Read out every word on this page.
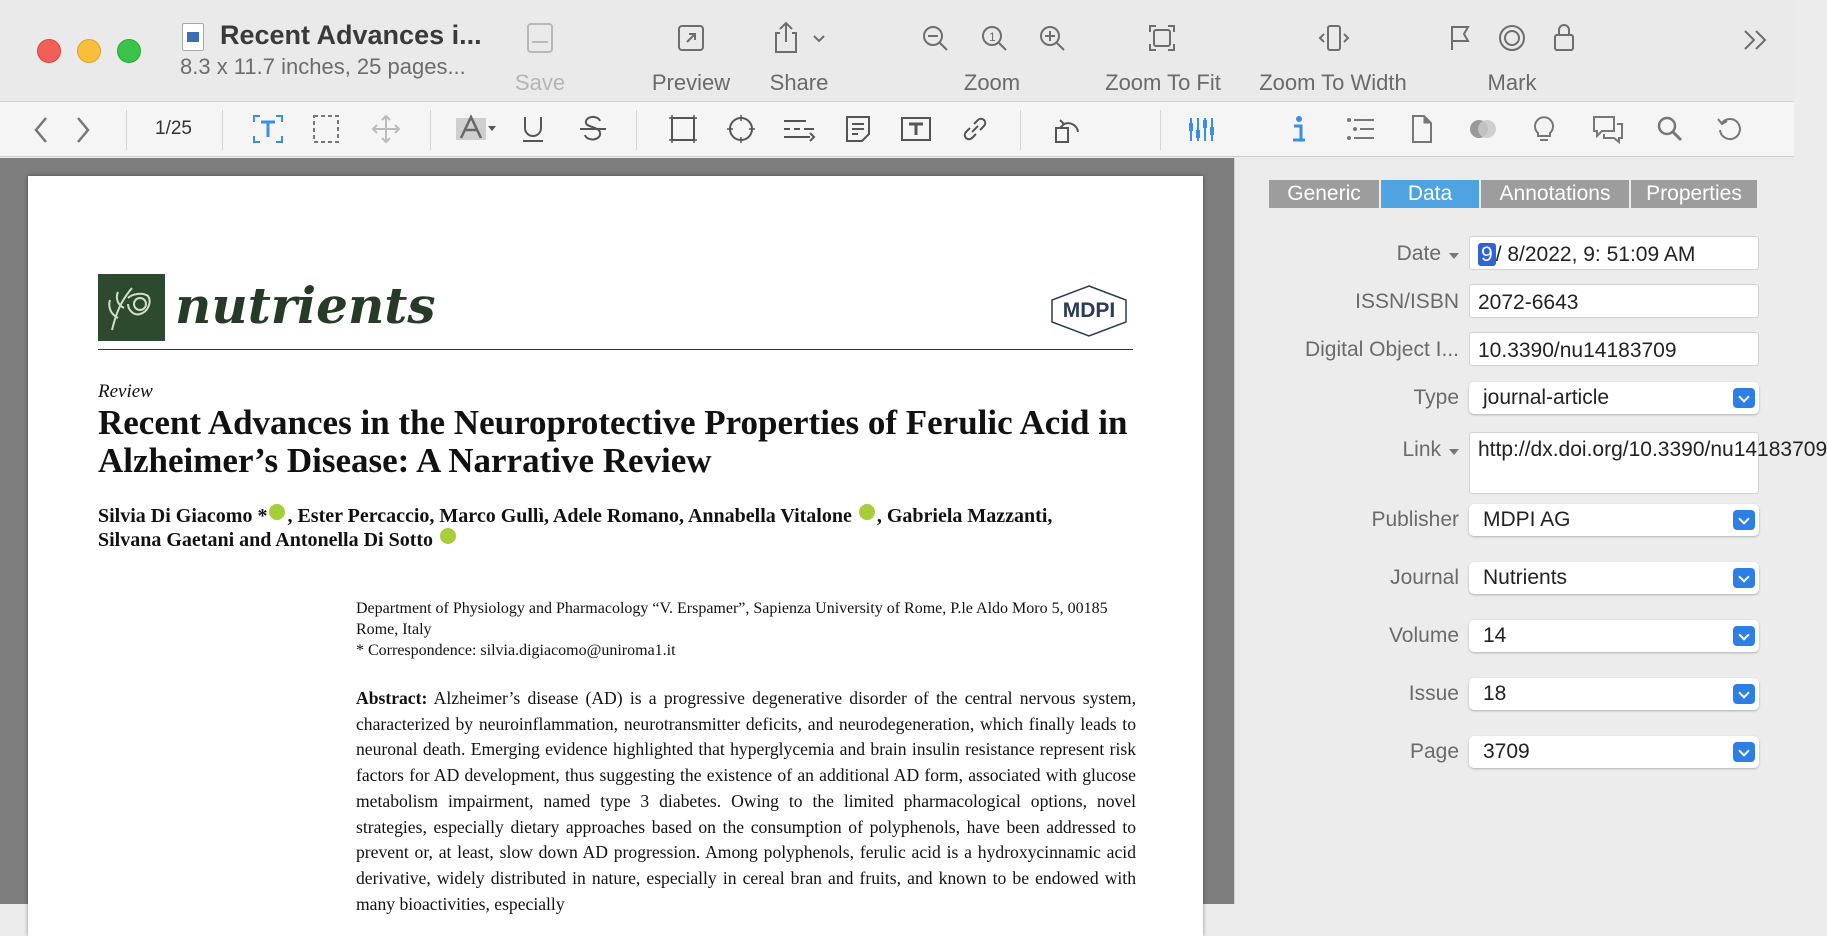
Recent Advances i...
8.3 x 11.7 inches, 25 pages...
Save	Preview Share
1
Zoom	Zoom To Fit Zoom To Width	Mark
1/25
nutrients	MDPI
Review
Recent Advances in the Neuroprotective Properties of Ferulic Acid in Alzheimer’s Disease: A Narrative Review
Silvia Di Giacomo * , Ester Percaccio, Marco Gullì, Adele Romano, Annabella Vitalone , Gabriela Mazzanti,
Silvana Gaetani and Antonella Di Sotto
Department of Physiology and Pharmacology “V. Erspamer”, Sapienza University of Rome, P.le Aldo Moro 5, 00185 Rome, Italy
* Correspondence: silvia.digiacomo@uniroma1.it
Abstract: Alzheimer’s disease (AD) is a progressive degenerative disorder of the central nervous system, characterized by neuroinflammation, neurotransmitter deficits, and neurodegeneration, which finally leads to neuronal death. Emerging evidence highlighted that hyperglycemia and brain insulin resistance represent risk factors for AD development, thus suggesting the existence of an additional AD form, associated with glucose metabolism impairment, named type 3 diabetes. Owing to the limited pharmacological options, novel strategies, especially dietary approaches based on the consumption of polyphenols, have been addressed to prevent or, at least, slow down AD progression. Among polyphenols, ferulic acid is a hydroxycinnamic acid derivative, widely distributed in nature, especially in cereal bran and fruits, and known to be endowed with many bioactivities, especially
Generic	Data	Annotations	Properties
Date	9 / 8/2022, 9: 51:09 AM
ISSN/ISBN 2072-6643
Digital Object I... 10.3390/nu14183709
Type	journal-article
Link	http://dx.doi.org/10.3390/nu14183709
Publisher	MDPI AG
Journal	Nutrients
Volume	14
Issue	18
Page	3709
